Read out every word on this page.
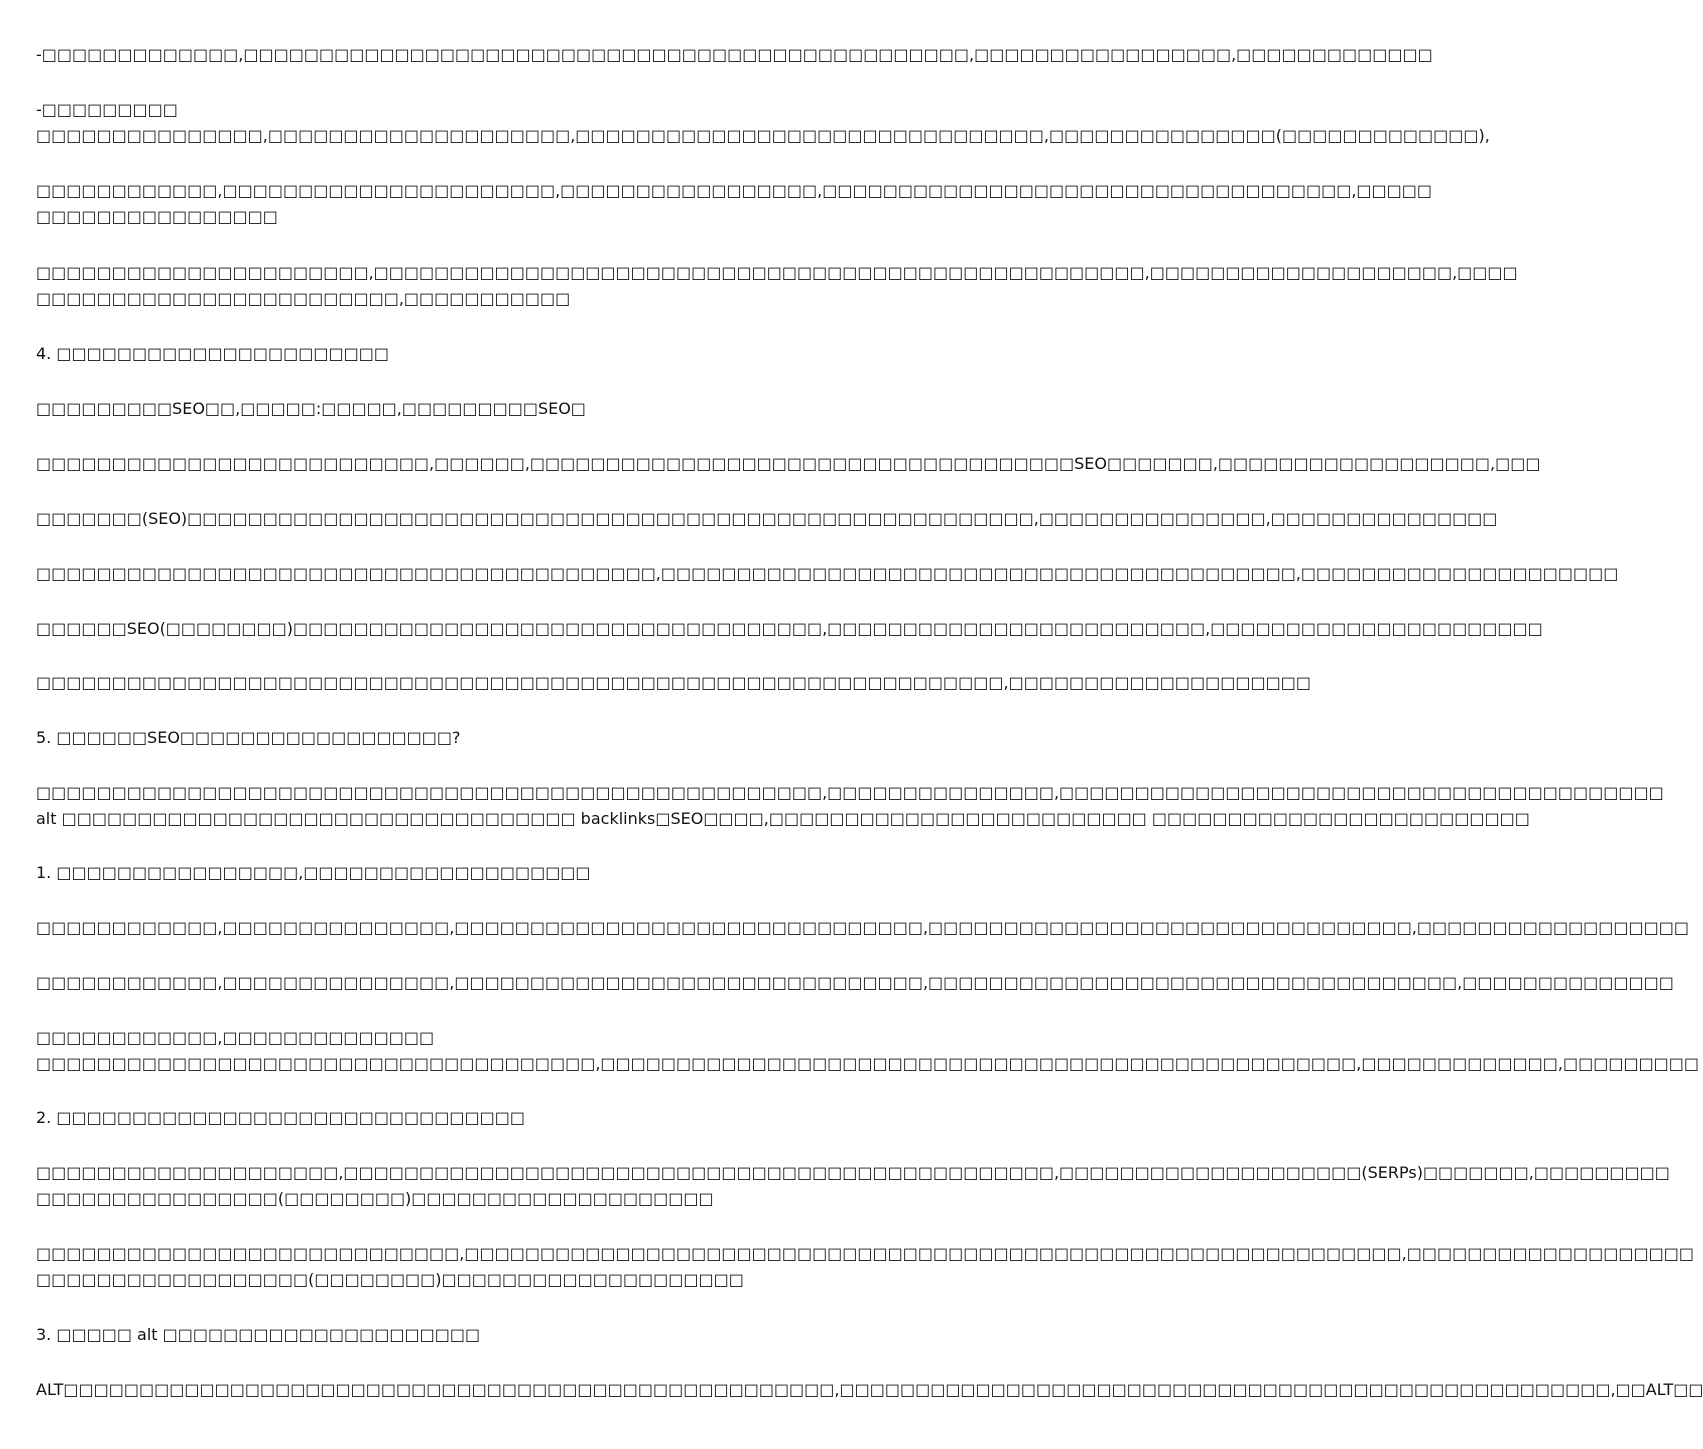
-□□□□□□□□□□□□□,□□□□□□□□□□□□□□□□□□□□□□□□□□□□□□□□□□□□□□□□□□□□□□□□,□□□□□□□□□□□□□□□□□,□□□□□□□□□□□□□
-□□□□□□□□□
□□□□□□□□□□□□□□□,□□□□□□□□□□□□□□□□□□□□,□□□□□□□□□□□□□□□□□□□□□□□□□□□□□□□,□□□□□□□□□□□□□□□(□□□□□□□□□□□□□),
□□□□□□□□□□□□,□□□□□□□□□□□□□□□□□□□□□□,□□□□□□□□□□□□□□□□□,□□□□□□□□□□□□□□□□□□□□□□□□□□□□□□□□□□□,□□□□□
□□□□□□□□□□□□□□□□
□□□□□□□□□□□□□□□□□□□□□□,□□□□□□□□□□□□□□□□□□□□□□□□□□□□□□□□□□□□□□□□□□□□□□□□□□□,□□□□□□□□□□□□□□□□□□□□,□□□□
□□□□□□□□□□□□□□□□□□□□□□□□,□□□□□□□□□□□
4. □□□□□□□□□□□□□□□□□□□□□□
□□□□□□□□□SEO□□,□□□□□:□□□□□,□□□□□□□□□SEO□
□□□□□□□□□□□□□□□□□□□□□□□□□□,□□□□□□,□□□□□□□□□□□□□□□□□□□□□□□□□□□□□□□□□□□□SEO□□□□□□□,□□□□□□□□□□□□□□□□□□,□□□
□□□□□□□(SEO)□□□□□□□□□□□□□□□□□□□□□□□□□□□□□□□□□□□□□□□□□□□□□□□□□□□□□□□□,□□□□□□□□□□□□□□□,□□□□□□□□□□□□□□□
□□□□□□□□□□□□□□□□□□□□□□□□□□□□□□□□□□□□□□□□□,□□□□□□□□□□□□□□□□□□□□□□□□□□□□□□□□□□□□□□□□□□,□□□□□□□□□□□□□□□□□□□□□
□□□□□□SEO(□□□□□□□□)□□□□□□□□□□□□□□□□□□□□□□□□□□□□□□□□□□□,□□□□□□□□□□□□□□□□□□□□□□□□□,□□□□□□□□□□□□□□□□□□□□□□
□□□□□□□□□□□□□□□□□□□□□□□□□□□□□□□□□□□□□□□□□□□□□□□□□□□□□□□□□□□□□□□□,□□□□□□□□□□□□□□□□□□□□
5. □□□□□□SEO□□□□□□□□□□□□□□□□□□?
□□□□□□□□□□□□□□□□□□□□□□□□□□□□□□□□□□□□□□□□□□□□□□□□□□□□,□□□□□□□□□□□□□□□,□□□□□□□□□□□□□□□□□□□□□□□□□□□□□□□□□□□□□□□□
alt □□□□□□□□□□□□□□□□□□□□□□□□□□□□□□□□□□ backlinks□SEO□□□□,□□□□□□□□□□□□□□□□□□□□□□□□□ □□□□□□□□□□□□□□□□□□□□□□□□□
1. □□□□□□□□□□□□□□□□,□□□□□□□□□□□□□□□□□□□
□□□□□□□□□□□□,□□□□□□□□□□□□□□□,□□□□□□□□□□□□□□□□□□□□□□□□□□□□□□□,□□□□□□□□□□□□□□□□□□□□□□□□□□□□□□□□,□□□□□□□□□□□□□□□□□□
□□□□□□□□□□□□,□□□□□□□□□□□□□□□,□□□□□□□□□□□□□□□□□□□□□□□□□□□□□□□,□□□□□□□□□□□□□□□□□□□□□□□□□□□□□□□□□□□,□□□□□□□□□□□□□□
□□□□□□□□□□□□,□□□□□□□□□□□□□□
□□□□□□□□□□□□□□□□□□□□□□□□□□□□□□□□□□□□□,□□□□□□□□□□□□□□□□□□□□□□□□□□□□□□□□□□□□□□□□□□□□□□□□□□,□□□□□□□□□□□□□,□□□□□□□□□
2. □□□□□□□□□□□□□□□□□□□□□□□□□□□□□□□
□□□□□□□□□□□□□□□□□□□□,□□□□□□□□□□□□□□□□□□□□□□□□□□□□□□□□□□□□□□□□□□□□□□□,□□□□□□□□□□□□□□□□□□□□(SERPs)□□□□□□□,□□□□□□□□□
□□□□□□□□□□□□□□□□(□□□□□□□□)□□□□□□□□□□□□□□□□□□□□
□□□□□□□□□□□□□□□□□□□□□□□□□□□□,□□□□□□□□□□□□□□□□□□□□□□□□□□□□□□□□□□□□□□□□□□□□□□□□□□□□□□□□□□□□□□,□□□□□□□□□□□□□□□□□□□
□□□□□□□□□□□□□□□□□□(□□□□□□□□)□□□□□□□□□□□□□□□□□□□□
3. □□□□□ alt □□□□□□□□□□□□□□□□□□□□□
ALT□□□□□□□□□□□□□□□□□□□□□□□□□□□□□□□□□□□□□□□□□□□□□□□□□□□,□□□□□□□□□□□□□□□□□□□□□□□□□□□□□□□□□□□□□□□□□□□□□□□□□□□,□□ALT□□
